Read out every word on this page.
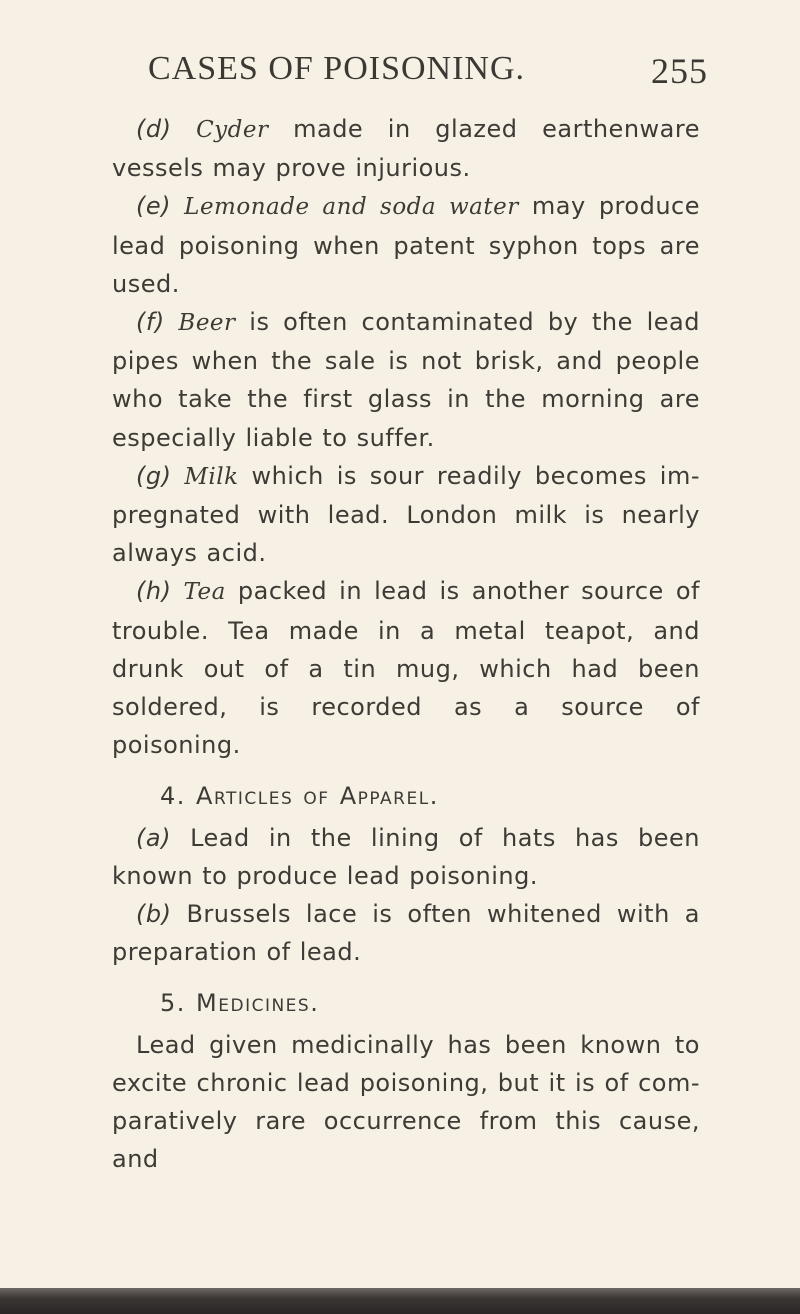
CASES OF POISONING.	255

(d) Cyder made in glazed earthenware vessels may prove injurious.

(e) Lemonade and soda water may produce lead poisoning when patent syphon tops are used.

(f) Beer is often contaminated by the lead pipes when the sale is not brisk, and people who take the first glass in the morning are especially liable to suffer.

(g) Milk which is sour readily becomes im-pregnated with lead. London milk is nearly always acid.

(h) Tea packed in lead is another source of trouble. Tea made in a metal teapot, and drunk out of a tin mug, which had been soldered, is recorded as a source of poisoning.

4. Articles of Apparel.

(a) Lead in the lining of hats has been known to produce lead poisoning.

(b) Brussels lace is often whitened with a preparation of lead.

5. Medicines.

Lead given medicinally has been known to excite chronic lead poisoning, but it is of com-paratively rare occurrence from this cause, and
